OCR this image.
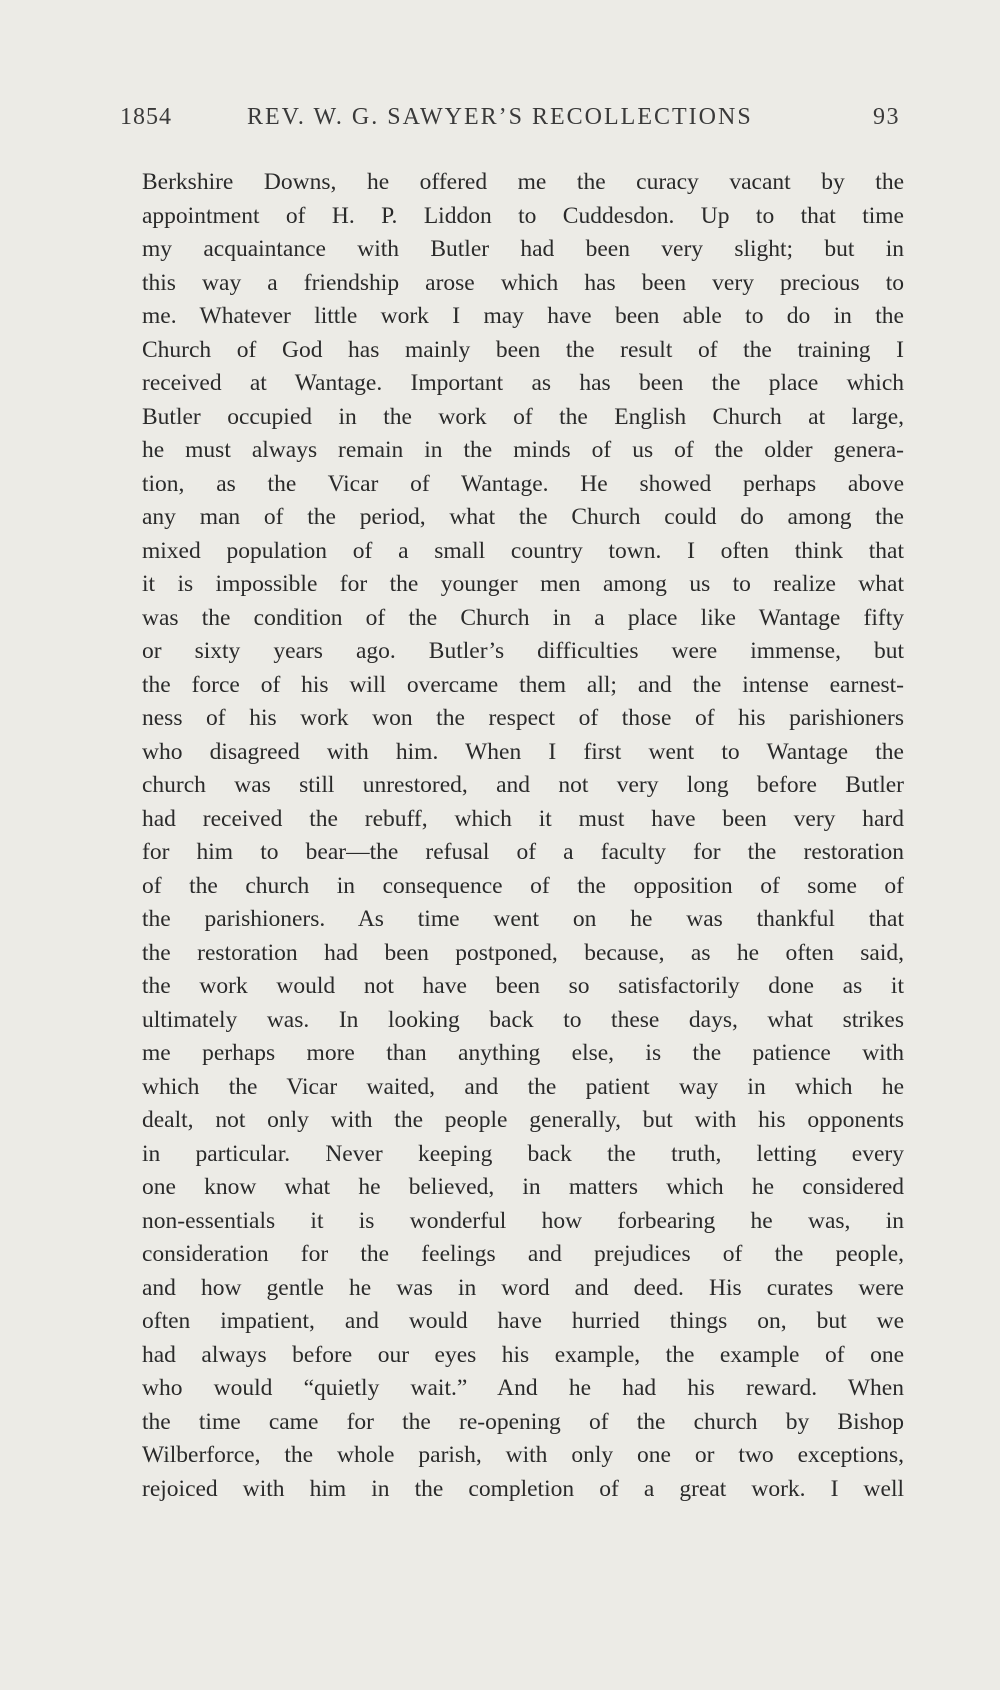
1854	REV. W. G. SAWYER’S RECOLLECTIONS	93
Berkshire Downs, he offered me the curacy vacant by the
appointment of H. P. Liddon to Cuddesdon. Up to that time
my acquaintance with Butler had been very slight; but in
this way a friendship arose which has been very precious to
me. Whatever little work I may have been able to do in the
Church of God has mainly been the result of the training I
received at Wantage. Important as has been the place which
Butler occupied in the work of the English Church at large,
he must always remain in the minds of us of the older genera-
tion, as the Vicar of Wantage. He showed perhaps above
any man of the period, what the Church could do among the
mixed population of a small country town. I often think that
it is impossible for the younger men among us to realize what
was the condition of the Church in a place like Wantage fifty
or sixty years ago. Butler’s difficulties were immense, but
the force of his will overcame them all; and the intense earnest-
ness of his work won the respect of those of his parishioners
who disagreed with him. When I first went to Wantage the
church was still unrestored, and not very long before Butler
had received the rebuff, which it must have been very hard
for him to bear—the refusal of a faculty for the restoration
of the church in consequence of the opposition of some of
the parishioners. As time went on he was thankful that
the restoration had been postponed, because, as he often said,
the work would not have been so satisfactorily done as it
ultimately was. In looking back to these days, what strikes
me perhaps more than anything else, is the patience with
which the Vicar waited, and the patient way in which he
dealt, not only with the people generally, but with his opponents
in particular. Never keeping back the truth, letting every
one know what he believed, in matters which he considered
non-essentials it is wonderful how forbearing he was, in
consideration for the feelings and prejudices of the people,
and how gentle he was in word and deed. His curates were
often impatient, and would have hurried things on, but we
had always before our eyes his example, the example of one
who would “quietly wait.” And he had his reward. When
the time came for the re-opening of the church by Bishop
Wilberforce, the whole parish, with only one or two exceptions,
rejoiced with him in the completion of a great work. I well
